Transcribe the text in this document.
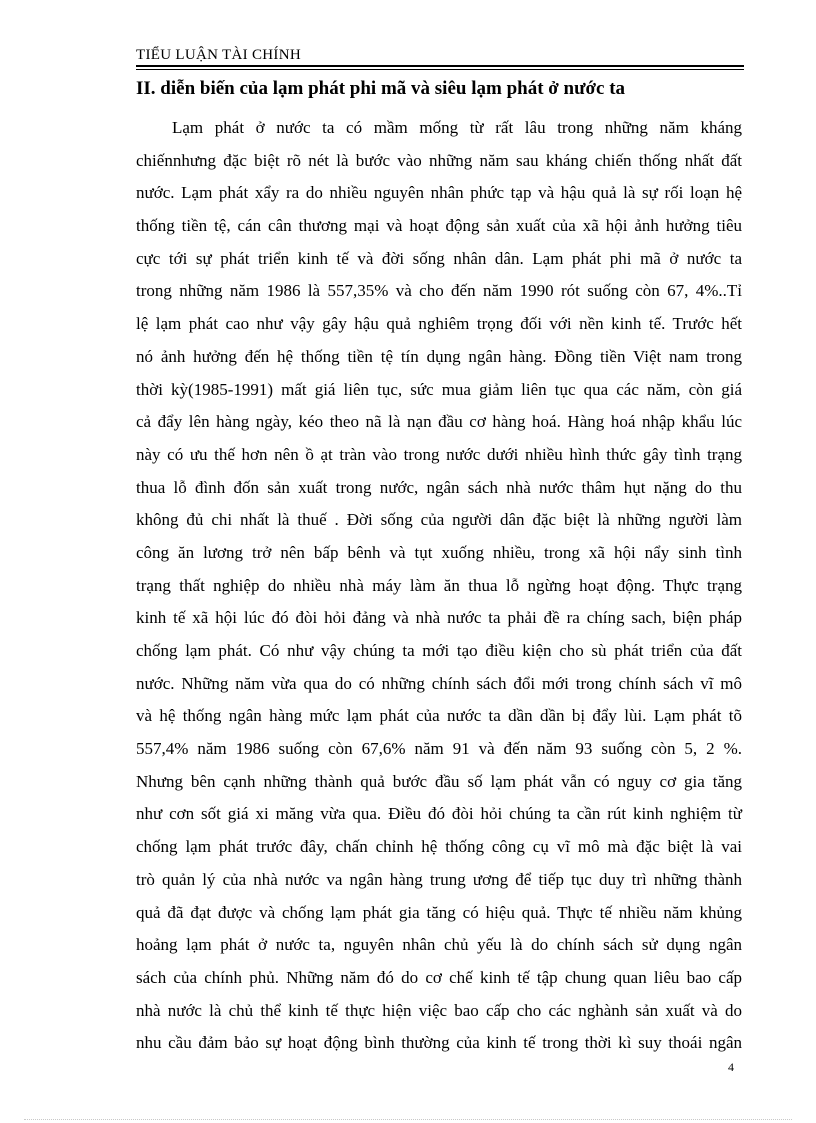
TIỂU LUẬN TÀI CHÍNH
II. diễn biến của lạm phát phi mã và siêu lạm phát ở nước ta
Lạm phát ở nước ta có mầm mống từ rất lâu trong những năm kháng
chiếnnhưng đặc biệt rõ nét là bước vào những năm sau kháng chiến thống nhất đất
nước. Lạm phát xẩy ra do nhiều nguyên nhân phức tạp và hậu quả là sự rối loạn hệ
thống tiền tệ, cán cân thương mại và hoạt động sản xuất của xã hội ảnh hưởng tiêu
cực tới sự phát triển kinh tế và đời sống nhân dân. Lạm phát phi mã ở nước ta
trong những năm 1986 là 557,35% và cho đến năm 1990 rót suống còn 67, 4%..Tỉ
lệ lạm phát cao như vậy gây hậu quả nghiêm trọng đối với nền kinh tế. Trước hết
nó ảnh hưởng đến hệ thống tiền tệ tín dụng ngân hàng. Đồng tiền Việt nam trong
thời kỳ(1985-1991) mất giá liên tục, sức mua giảm liên tục qua các năm, còn giá
cả đẩy lên hàng ngày, kéo theo nã là nạn đầu cơ hàng hoá. Hàng hoá nhập khẩu lúc
này có ưu thế hơn nên ồ ạt tràn vào trong nước dưới nhiều hình thức gây tình trạng
thua lỗ đình đốn sản xuất trong nước, ngân sách nhà nước thâm hụt nặng do thu
không đủ chi nhất là thuế . Đời sống của người dân đặc biệt là những người làm
công ăn lương trở nên bấp bênh và tụt xuống nhiều, trong xã hội nẩy sinh tình
trạng thất nghiệp do nhiều nhà máy làm ăn thua lỗ ngừng hoạt động. Thực trạng
kinh tế xã hội lúc đó đòi hỏi đảng và nhà nước ta phải đề ra chíng sach, biện pháp
chống lạm phát. Có như vậy chúng ta mới tạo điều kiện cho sù phát triển của đất
nước. Những năm vừa qua do có những chính sách đổi mới trong chính sách vĩ mô
và hệ thống ngân hàng mức lạm phát của nước ta dần dần bị đẩy lùi. Lạm phát tõ
557,4% năm 1986 suống còn 67,6% năm 91 và đến năm 93 suống còn 5, 2 %.
Nhưng bên cạnh những thành quả bước đầu số lạm phát vẫn có nguy cơ gia tăng
như cơn sốt giá xi măng vừa qua. Điều đó đòi hỏi chúng ta cần rút kinh nghiệm từ
chống lạm phát trước đây, chấn chỉnh hệ thống công cụ vĩ mô mà đặc biệt là vai
trò quản lý của nhà nước va ngân hàng trung ương để tiếp tục duy trì những thành
quả đã đạt được và chống lạm phát gia tăng có hiệu quả. Thực tế nhiều năm khủng
hoảng lạm phát ở nước ta, nguyên nhân chủ yếu là do chính sách sử dụng ngân
sách của chính phủ. Những năm đó do cơ chế kinh tế tập chung quan liêu bao cấp
nhà nước là chủ thể kinh tế thực hiện việc bao cấp cho các nghành sản xuất và do
nhu cầu đảm bảo sự hoạt động bình thường của kinh tế trong thời kì suy thoái ngân
4
